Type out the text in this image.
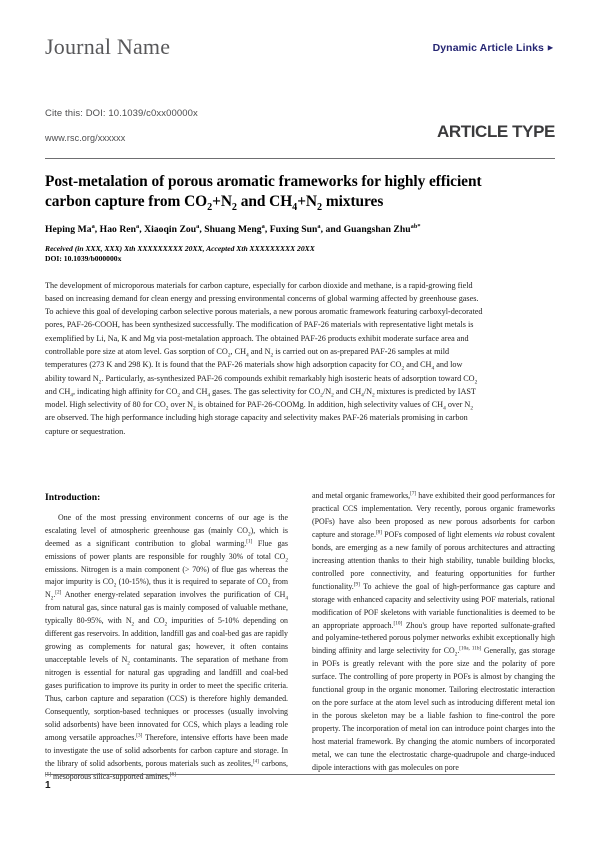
Journal Name	Dynamic Article Links ►
Cite this: DOI: 10.1039/c0xx00000x
www.rsc.org/xxxxxx	ARTICLE TYPE
Post-metalation of porous aromatic frameworks for highly efficient
carbon capture from $CO_2+N_2$ and $CH_4+N_2$ mixtures
Heping Ma$^a$, Hao Ren$^a$, Xiaoqin Zou$^a$, Shuang Meng$^a$, Fuxing Sun$^a$, and Guangshan Zhu$^{ab*}$

Received (in XXX, XXX) Xth XXXXXXXXX 20XX, Accepted Xth XXXXXXXXX 20XX

DOI: 10.1039/b000000x

The development of microporous materials for carbon capture, especially for carbon dioxide and methane, is a rapid-growing field based on increasing demand for clean energy and pressing environmental concerns of global warming affected by greenhouse gases. To achieve this goal of developing carbon selective porous materials, a new porous aromatic framework featuring carboxyl-decorated pores, PAF-26-COOH, has been synthesized successfully. The modification of PAF-26 materials with representative light metals is exemplified by Li, Na, K and Mg via post-metalation approach. The obtained PAF-26 products exhibit moderate surface area and controllable pore size at atom level. Gas sorption of $CO_2$, $CH_4$ and $N_2$ is carried out on as-prepared PAF-26 samples at mild temperatures (273 K and 298 K). It is found that the PAF-26 materials show high adsorption capacity for $CO_2$ and $CH_4$ and low ability toward $N_2$. Particularly, as-synthesized PAF-26 compounds exhibit remarkably high isosteric heats of adsorption toward $CO_2$ and $CH_4$, indicating high affinity for $CO_2$ and $CH_4$ gases. The gas selectivity for $CO_2/N_2$ and $CH_4/N_2$ mixtures is predicted by IAST model. High selectivity of 80 for $CO_2$ over $N_2$ is obtained for PAF-26-COOMg. In addition, high selectivity values of $CH_4$ over $N_2$ are observed. The high performance including high storage capacity and selectivity makes PAF-26 materials promising in carbon capture or sequestration.
Introduction:

One of the most pressing environment concerns of our age is the escalating level of atmospheric greenhouse gas (mainly $CO_2$), which is deemed as a significant contribution to global warming.[1] Flue gas emissions of power plants are responsible for roughly 30% of total $CO_2$ emissions. Nitrogen is a main component (> 70%) of flue gas whereas the major impurity is $CO_2$ (10-15%), thus it is required to separate of $CO_2$ from $N_2.[2]$ Another energy-related separation involves the purification of $CH_4$ from natural gas, since natural gas is mainly composed of valuable methane, typically 80-95%, with $N_2$ and $CO_2$ impurities of 5-10% depending on different gas reservoirs. In addition, landfill gas and coal-bed gas are rapidly growing as complements for natural gas; however, it often contains unacceptable levels of $N_2$ contaminants. The separation of methane from nitrogen is essential for natural gas upgrading and landfill and coal-bed gases purification to improve its purity in order to meet the specific criteria. Thus, carbon capture and separation (CCS) is therefore highly demanded. Consequently, sorption-based techniques or processes (usually involving solid adsorbents) have been innovated for CCS, which plays a leading role among versatile approaches.[3] Therefore, intensive efforts have been made to investigate the use of solid adsorbents for carbon capture and storage. In the library of solid adsorbents, porous materials such as zeolites,[4] carbons,[5] mesoporous silica-supported amines,[6]

and metal organic frameworks,[7] have exhibited their good performances for practical CCS implementation. Very recently, porous organic frameworks (POFs) have also been proposed as new porous adsorbents for carbon capture and storage.[8] POFs composed of light elements via robust covalent bonds, are emerging as a new family of porous architectures and attracting increasing attention thanks to their high stability, tunable building blocks, controlled pore connectivity, and featuring opportunities for further functionality.[9] To achieve the goal of high-performance gas capture and storage with enhanced capacity and selectivity using POF materials, rational modification of POF skeletons with variable functionalities is deemed to be an appropriate approach.[10] Zhou's group have reported sulfonate-grafted and polyamine-tethered porous polymer networks exhibit exceptionally high binding affinity and large selectivity for $CO_2.[10a, 11b]$ Generally, gas storage in POFs is greatly relevant with the pore size and the polarity of pore surface. The controlling of pore property in POFs is almost by changing the functional group in the organic monomer. Tailoring electrostatic interaction on the pore surface at the atom level such as introducing different metal ion in the porous skeleton may be a liable fashion to fine-control the pore property. The incorporation of metal ion can introduce point charges into the host material framework. By changing the atomic numbers of incorporated metal, we can tune the electrostatic charge-quadrupole and charge-induced dipole interactions with gas molecules on pore

1
